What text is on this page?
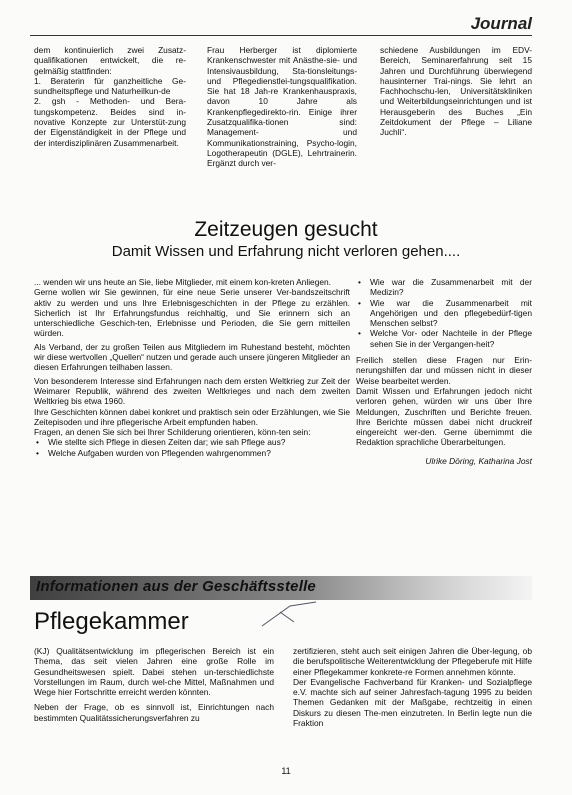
Journal

dem kontinuierlich zwei Zusatz-qualifikationen entwickelt, die re-gelmäßig stattfinden:

1. Beraterin für ganzheitliche Ge-sundheitspflege und Naturheilkun-de

2. gsh - Methoden- und Bera-tungskompetenz. Beides sind in-novative Konzepte zur Unterstüt-zung der Eigenständigkeit in der Pflege und der interdisziplinären Zusammenarbeit.

Frau Herberger ist diplomierte Krankenschwester mit Anästhe-sie- und Intensivausbildung, Sta-tionsleitungs- und Pflegedienstlei-tungsqualifikation. Sie hat 18 Jah-re Krankenhauspraxis, davon 10 Jahre als Krankenpflegedirekto-rin. Einige ihrer Zusatzqualifika-tionen sind: Management- und Kommunikationstraining, Psycho-login, Logotherapeutin (DGLE), Lehrtrainerin. Ergänzt durch ver-

schiedene Ausbildungen im EDV-Bereich, Seminarerfahrung seit 15 Jahren und Durchführung überwiegend hausinterner Trai-nings. Sie lehrt an Fachhochschu-len, Universitätskliniken und Weiterbildungseinrichtungen und ist Herausgeberin des Buches „Ein Zeitdokument der Pflege – Liliane Juchli“.

Zeitzeugen gesucht
Damit Wissen und Erfahrung nicht verloren gehen....

... wenden wir uns heute an Sie, liebe Mitglieder, mit einem kon-kreten Anliegen.

Gerne wollen wir Sie gewinnen, für eine neue Serie unserer Ver-bandszeitschrift aktiv zu werden und uns Ihre Erlebnisgeschichten in der Pflege zu erzählen. Sicherlich ist Ihr Erfahrungsfundus reichhaltig, und Sie erinnern sich an unterschiedliche Geschich-ten, Erlebnisse und Perioden, die Sie gern mitteilen würden.

Als Verband, der zu großen Teilen aus Mitgliedern im Ruhestand besteht, möchten wir diese wertvollen „Quellen“ nutzen und gerade auch unsere jüngeren Mitglieder an diesen Erfahrungen teilhaben lassen.

Von besonderem Interesse sind Erfahrungen nach dem ersten Weltkrieg zur Zeit der Weimarer Republik, während des zweiten Weltkrieges und nach dem zweiten Weltkrieg bis etwa 1960.

Ihre Geschichten können dabei konkret und praktisch sein oder Erzählungen, wie Sie Zeitepisoden und ihre pflegerische Arbeit empfunden haben.

Fragen, an denen Sie sich bei Ihrer Schilderung orientieren, könn-ten sein:

• Wie stellte sich Pflege in diesen Zeiten dar; wie sah Pflege aus?
• Welche Aufgaben wurden von Pflegenden wahrgenommen?
• Wie war die Zusammenarbeit mit der Medizin?
• Wie war die Zusammenarbeit mit Angehörigen und den pflegebedürf-tigen Menschen selbst?
• Welche Vor- oder Nachteile in der Pflege sehen Sie in der Vergangen-heit?

Freilich stellen diese Fragen nur Erin-nerungshilfen dar und müssen nicht in dieser Weise bearbeitet werden.

Damit Wissen und Erfahrungen jedoch nicht verloren gehen, würden wir uns über Ihre Meldungen, Zuschriften und Berichte freuen. Ihre Berichte müssen dabei nicht druckreif eingereicht wer-den. Gerne übernimmt die Redaktion sprachliche Überarbeitungen.

Ulrike Döring, Katharina Jost

Informationen aus der Geschäftsstelle
Pflegekammer

(KJ) Qualitätsentwicklung im pflegerischen Bereich ist ein Thema, das seit vielen Jahren eine große Rolle im Gesundheitswesen spielt. Dabei stehen un-terschiedlichste Vorstellungen im Raum, durch wel-che Mittel, Maßnahmen und Wege hier Fortschritte erreicht werden könnten.

Neben der Frage, ob es sinnvoll ist, Einrichtungen nach bestimmten Qualitätssicherungsverfahren zu

zertifizieren, steht auch seit einigen Jahren die Über-legung, ob die berufspolitische Weiterentwicklung der Pflegeberufe mit Hilfe einer Pflegekammer konkrete-re Formen annehmen könnte.

Der Evangelische Fachverband für Kranken- und Sozialpflege e.V. machte sich auf seiner Jahresfach-tagung 1995 zu beiden Themen Gedanken mit der Maßgabe, rechtzeitig in einen Diskurs zu diesen The-men einzutreten. In Berlin legte nun die Fraktion

11
